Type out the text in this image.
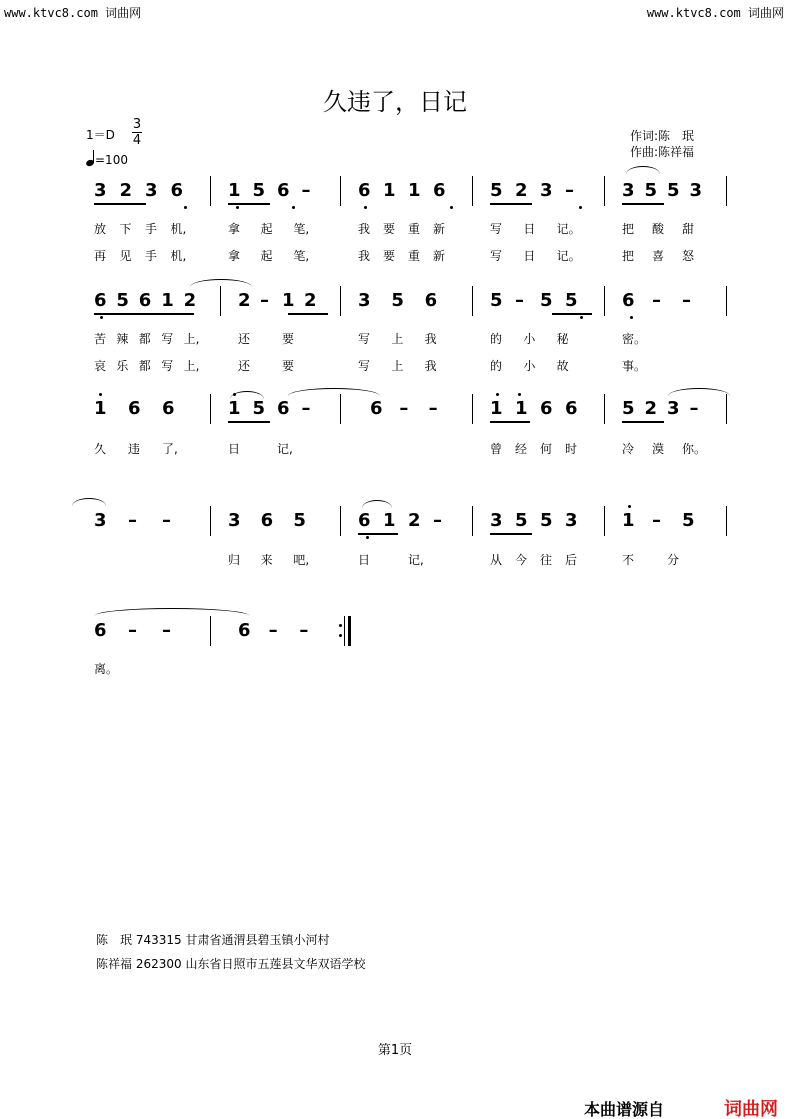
www.ktvc8.com 词曲网	www.ktvc8.com 词曲网
久违了，日记
1＝D
3
4
=100
作词:陈　珉
作曲:陈祥福
3 2 3 6 1 5 6 –	6 1 1 6 5 2 3 –	3 5 5 3
放 下 手 机,	拿 起 笔,	我 要 重 新	写 日 记。	把 酸 甜
再 见 手 机,	拿 起 笔,	我 要 重 新	写 日 记。	把 喜 怒
6 5 6 1 2 2 – 1 2 3 5 6	5 – 5 5 6 – –
苦 辣 都 写 上,	还	要	写 上 我	的 小 秘	密。
哀 乐 都 写 上,	还	要	写 上 我	的 小 故	事。
1 6 6	1 5 6 –	6 – –	1 1 6 6 5 2 3 –
久 违 了,	日	记,	曾 经 何 时	冷 漠 你。
3 – –	3 6 5	6 1 2 –	3 5 5 3 1 – 5
归 来 吧,	日	记,	从 今 往 后	不	分
6 – –	6 – –
离。
陈　珉 743315 甘肃省通渭县碧玉镇小河村
陈祥福 262300 山东省日照市五莲县文华双语学校
第1页
本曲谱源自	词曲网
